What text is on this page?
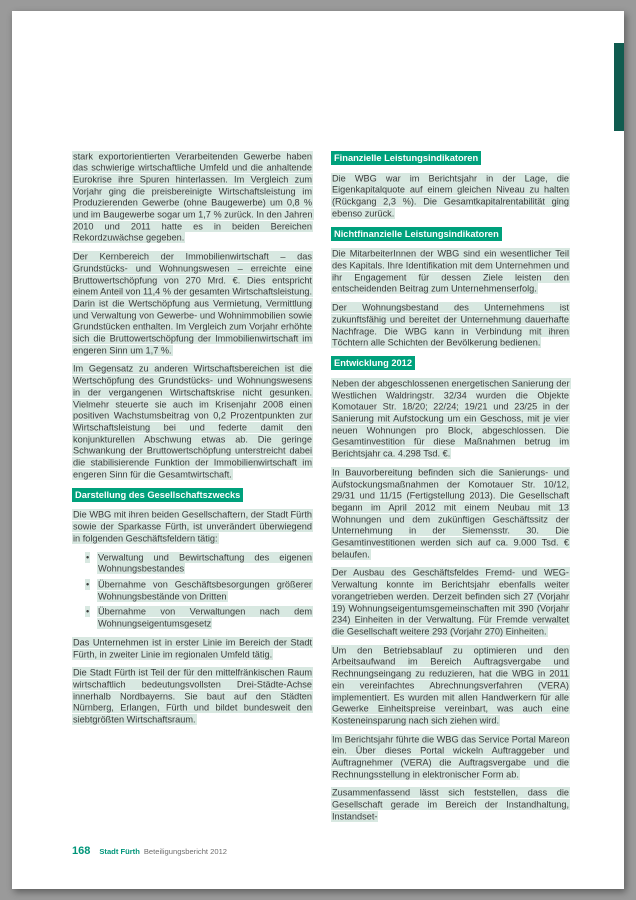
stark exportorientierten Verarbeitenden Gewerbe haben das schwierige wirtschaftliche Umfeld und die anhaltende Eurokrise ihre Spuren hinterlassen. Im Vergleich zum Vorjahr ging die preisbereinigte Wirtschaftsleistung im Produzierenden Gewerbe (ohne Baugewerbe) um 0,8 % und im Baugewerbe sogar um 1,7 % zurück. In den Jahren 2010 und 2011 hatte es in beiden Bereichen Rekordzuwächse gegeben.

Der Kernbereich der Immobilienwirtschaft – das Grundstücks- und Wohnungswesen – erreichte eine Bruttowertschöpfung von 270 Mrd. €. Dies entspricht einem Anteil von 11,4 % der gesamten Wirtschaftsleistung. Darin ist die Wertschöpfung aus Vermietung, Vermittlung und Verwaltung von Gewerbe- und Wohnimmobilien sowie Grundstücken enthalten. Im Vergleich zum Vorjahr erhöhte sich die Bruttowertschöpfung der Immobilienwirtschaft im engeren Sinn um 1,7 %.

Im Gegensatz zu anderen Wirtschaftsbereichen ist die Wertschöpfung des Grundstücks- und Wohnungswesens in der vergangenen Wirtschaftskrise nicht gesunken. Vielmehr steuerte sie auch im Krisenjahr 2008 einen positiven Wachstumsbeitrag von 0,2 Prozentpunkten zur Wirtschaftsleistung bei und federte damit den konjunkturellen Abschwung etwas ab. Die geringe Schwankung der Bruttowertschöpfung unterstreicht dabei die stabilisierende Funktion der Immobilienwirtschaft im engeren Sinn für die Gesamtwirtschaft.

Darstellung des Gesellschaftszwecks

Die WBG mit ihren beiden Gesellschaftern, der Stadt Fürth sowie der Sparkasse Fürth, ist unverändert überwiegend in folgenden Geschäftsfeldern tätig:

• Verwaltung und Bewirtschaftung des eigenen Wohnungsbestandes
• Übernahme von Geschäftsbesorgungen größerer Wohnungsbestände von Dritten
• Übernahme von Verwaltungen nach dem Wohnungseigentumsgesetz

Das Unternehmen ist in erster Linie im Bereich der Stadt Fürth, in zweiter Linie im regionalen Umfeld tätig.

Die Stadt Fürth ist Teil der für den mittelfränkischen Raum wirtschaftlich bedeutungsvollsten Drei-Städte-Achse innerhalb Nordbayerns. Sie baut auf den Städten Nürnberg, Erlangen, Fürth und bildet bundesweit den siebtgrößten Wirtschaftsraum.

Finanzielle Leistungsindikatoren

Die WBG war im Berichtsjahr in der Lage, die Eigenkapitalquote auf einem gleichen Niveau zu halten (Rückgang 2,3 %). Die Gesamtkapitalrentabilität ging ebenso zurück.

Nichtfinanzielle Leistungsindikatoren

Die MitarbeiterInnen der WBG sind ein wesentlicher Teil des Kapitals. Ihre Identifikation mit dem Unternehmen und ihr Engagement für dessen Ziele leisten den entscheidenden Beitrag zum Unternehmenserfolg.

Der Wohnungsbestand des Unternehmens ist zukunftsfähig und bereitet der Unternehmung dauerhafte Nachfrage. Die WBG kann in Verbindung mit ihren Töchtern alle Schichten der Bevölkerung bedienen.

Entwicklung 2012

Neben der abgeschlossenen energetischen Sanierung der Westlichen Waldringstr. 32/34 wurden die Objekte Komotauer Str. 18/20; 22/24; 19/21 und 23/25 in der Sanierung mit Aufstockung um ein Geschoss, mit je vier neuen Wohnungen pro Block, abgeschlossen. Die Gesamtinvestition für diese Maßnahmen betrug im Berichtsjahr ca. 4.298 Tsd. €.

In Bauvorbereitung befinden sich die Sanierungs- und Aufstockungsmaßnahmen der Komotauer Str. 10/12, 29/31 und 11/15 (Fertigstellung 2013). Die Gesellschaft begann im April 2012 mit einem Neubau mit 13 Wohnungen und dem zukünftigen Geschäftssitz der Unternehmung in der Siemensstr. 30. Die Gesamtinvestitionen werden sich auf ca. 9.000 Tsd. € belaufen.

Der Ausbau des Geschäftsfeldes Fremd- und WEG- Verwaltung konnte im Berichtsjahr ebenfalls weiter vorangetrieben werden. Derzeit befinden sich 27 (Vorjahr 19) Wohnungseigentumsgemeinschaften mit 390 (Vorjahr 234) Einheiten in der Verwaltung. Für Fremde verwaltet die Gesellschaft weitere 293 (Vorjahr 270) Einheiten.

Um den Betriebsablauf zu optimieren und den Arbeitsaufwand im Bereich Auftragsvergabe und Rechnungseingang zu reduzieren, hat die WBG in 2011 ein vereinfachtes Abrechnungsverfahren (VERA) implementiert. Es wurden mit allen Handwerkern für alle Gewerke Einheitspreise vereinbart, was auch eine Kosteneinsparung nach sich ziehen wird.

Im Berichtsjahr führte die WBG das Service Portal Mareon ein. Über dieses Portal wickeln Auftraggeber und Auftragnehmer (VERA) die Auftragsvergabe und die Rechnungsstellung in elektronischer Form ab.

Zusammenfassend lässt sich feststellen, dass die Gesellschaft gerade im Bereich der Instandhaltung, Instandset-

168 Stadt Fürth Beteiligungsbericht 2012
